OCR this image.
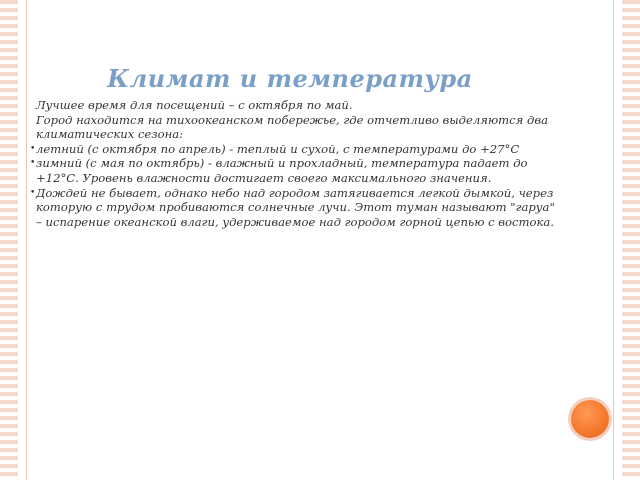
Климат и температура

Лучшее время для посещений – с октября по май.

Город находится на тихоокеанском побережье, где отчетливо выделяются два климатических сезона:

• летний (с октября по апрель) - теплый и сухой, с температурами до +27°С
• зимний (с мая по октябрь) - влажный и прохладный, температура падает до +12°С. Уровень влажности достигает своего максимального значения.
• Дождей не бывает, однако небо над городом затягивается легкой дымкой, через которую с трудом пробиваются солнечные лучи. Этот туман называют "гаруа" – испарение океанской влаги, удерживаемое над городом горной цепью с востока.
